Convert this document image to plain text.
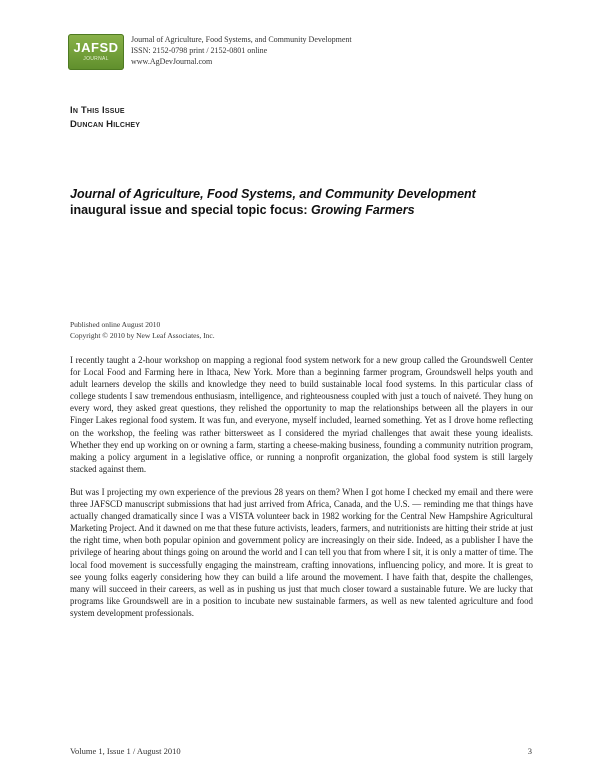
JAFSD
JOURNAL
Journal of Agriculture, Food Systems, and Community Development
ISSN: 2152-0798 print / 2152-0801 online
www.AgDevJournal.com
In This Issue
Duncan Hilchey
Journal of Agriculture, Food Systems, and Community Development
inaugural issue and special topic focus: Growing Farmers
Published online August 2010
Copyright © 2010 by New Leaf Associates, Inc.

I recently taught a 2-hour workshop on mapping a regional food system network for a new group called the Groundswell Center for Local Food and Farming here in Ithaca, New York. More than a beginning farmer program, Groundswell helps youth and adult learners develop the skills and knowledge they need to build sustainable local food systems. In this particular class of college students I saw tremendous enthusiasm, intelligence, and righteousness coupled with just a touch of naiveté. They hung on every word, they asked great questions, they relished the opportunity to map the relationships between all the players in our Finger Lakes regional food system. It was fun, and everyone, myself included, learned something. Yet as I drove home reflecting on the workshop, the feeling was rather bittersweet as I considered the myriad challenges that await these young idealists. Whether they end up working on or owning a farm, starting a cheese-making business, founding a community nutrition program, making a policy argument in a legislative office, or running a nonprofit organization, the global food system is still largely stacked against them.

But was I projecting my own experience of the previous 28 years on them? When I got home I checked my email and there were three JAFSCD manuscript submissions that had just arrived from Africa, Canada, and the U.S. — reminding me that things have actually changed dramatically since I was a VISTA volunteer back in 1982 working for the Central New Hampshire Agricultural Marketing Project. And it dawned on me that these future activists, leaders, farmers, and nutritionists are hitting their stride at just the right time, when both popular opinion and government policy are increasingly on their side. Indeed, as a publisher I have the privilege of hearing about things going on around the world and I can tell you that from where I sit, it is only a matter of time. The local food movement is successfully engaging the mainstream, crafting innovations, influencing policy, and more. It is great to see young folks eagerly considering how they can build a life around the movement. I have faith that, despite the challenges, many will succeed in their careers, as well as in pushing us just that much closer toward a sustainable future. We are lucky that programs like Groundswell are in a position to incubate new sustainable farmers, as well as new talented agriculture and food system development professionals.

Volume 1, Issue 1 / August 2010	3
